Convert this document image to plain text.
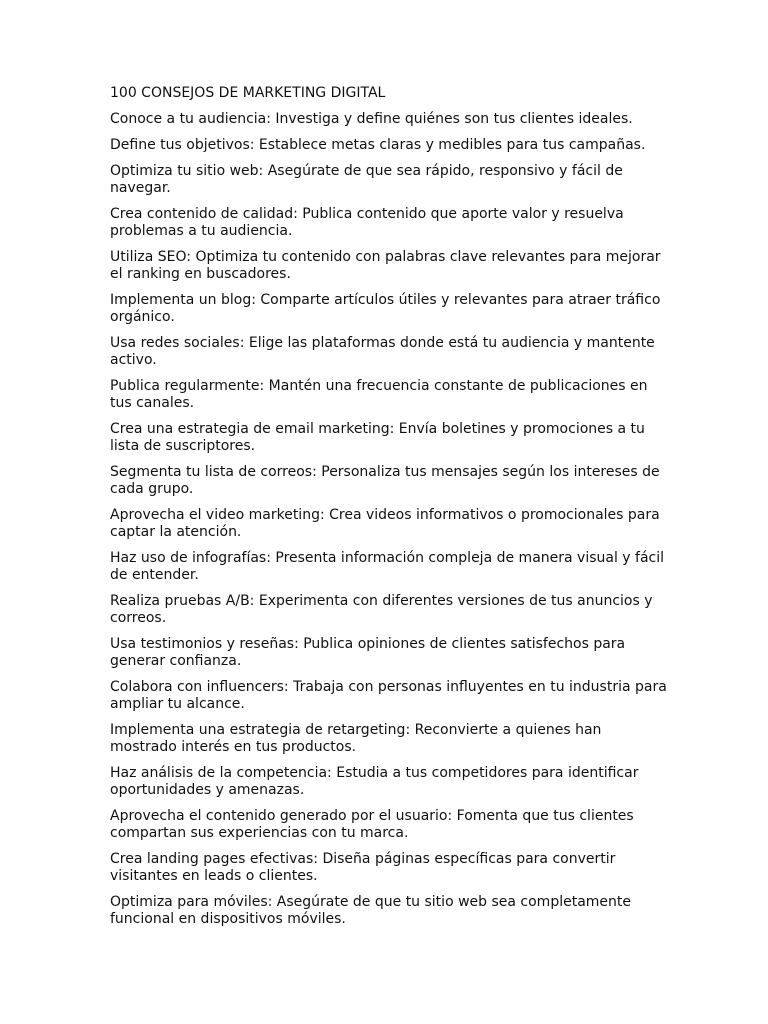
100 CONSEJOS DE MARKETING DIGITAL
Conoce a tu audiencia: Investiga y define quiénes son tus clientes ideales.
Define tus objetivos: Establece metas claras y medibles para tus campañas.
Optimiza tu sitio web: Asegúrate de que sea rápido, responsivo y fácil de navegar.
Crea contenido de calidad: Publica contenido que aporte valor y resuelva problemas a tu audiencia.
Utiliza SEO: Optimiza tu contenido con palabras clave relevantes para mejorar el ranking en buscadores.
Implementa un blog: Comparte artículos útiles y relevantes para atraer tráfico orgánico.
Usa redes sociales: Elige las plataformas donde está tu audiencia y mantente activo.
Publica regularmente: Mantén una frecuencia constante de publicaciones en tus canales.
Crea una estrategia de email marketing: Envía boletines y promociones a tu lista de suscriptores.
Segmenta tu lista de correos: Personaliza tus mensajes según los intereses de cada grupo.
Aprovecha el video marketing: Crea videos informativos o promocionales para captar la atención.
Haz uso de infografías: Presenta información compleja de manera visual y fácil de entender.
Realiza pruebas A/B: Experimenta con diferentes versiones de tus anuncios y correos.
Usa testimonios y reseñas: Publica opiniones de clientes satisfechos para generar confianza.
Colabora con influencers: Trabaja con personas influyentes en tu industria para ampliar tu alcance.
Implementa una estrategia de retargeting: Reconvierte a quienes han mostrado interés en tus productos.
Haz análisis de la competencia: Estudia a tus competidores para identificar oportunidades y amenazas.
Aprovecha el contenido generado por el usuario: Fomenta que tus clientes compartan sus experiencias con tu marca.
Crea landing pages efectivas: Diseña páginas específicas para convertir visitantes en leads o clientes.
Optimiza para móviles: Asegúrate de que tu sitio web sea completamente funcional en dispositivos móviles.
